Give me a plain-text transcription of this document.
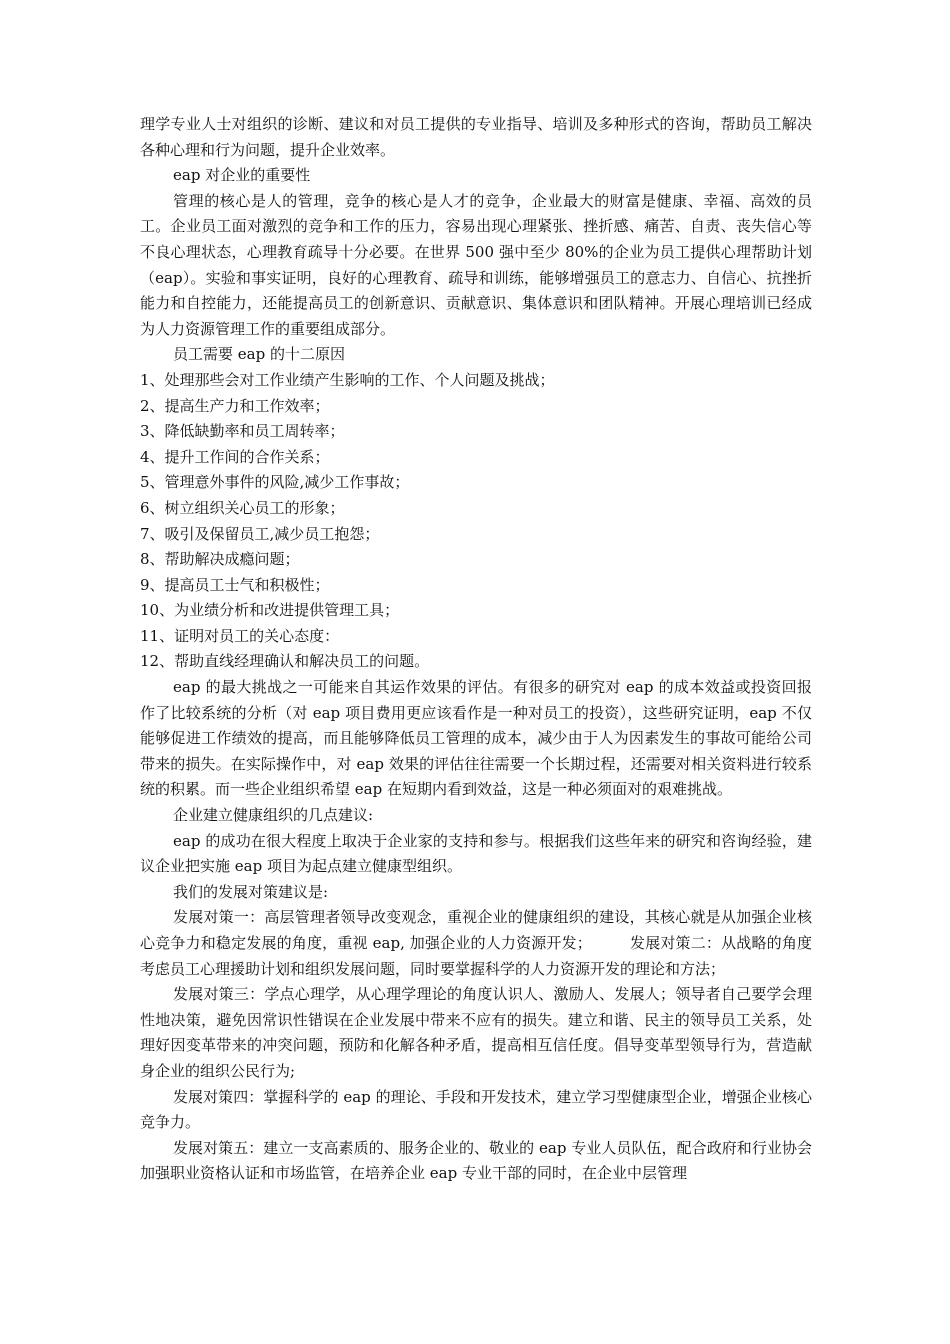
理学专业人士对组织的诊断、建议和对员工提供的专业指导、培训及多种形式的咨询，帮助员工解决各种心理和行为问题，提升企业效率。

eap 对企业的重要性

管理的核心是人的管理，竞争的核心是人才的竞争，企业最大的财富是健康、幸福、高效的员工。企业员工面对激烈的竞争和工作的压力，容易出现心理紧张、挫折感、痛苦、自责、丧失信心等不良心理状态，心理教育疏导十分必要。在世界 500 强中至少 80%的企业为员工提供心理帮助计划（eap）。实验和事实证明，良好的心理教育、疏导和训练，能够增强员工的意志力、自信心、抗挫折能力和自控能力，还能提高员工的创新意识、贡献意识、集体意识和团队精神。开展心理培训已经成为人力资源管理工作的重要组成部分。

员工需要 eap 的十二原因

1、处理那些会对工作业绩产生影响的工作、个人问题及挑战；

2、提高生产力和工作效率；

3、降低缺勤率和员工周转率；

4、提升工作间的合作关系；

5、管理意外事件的风险,减少工作事故；

6、树立组织关心员工的形象；

7、吸引及保留员工,减少员工抱怨；

8、帮助解决成瘾问题；

9、提高员工士气和积极性；

10、为业绩分析和改进提供管理工具；

11、证明对员工的关心态度：

12、帮助直线经理确认和解决员工的问题。

eap 的最大挑战之一可能来自其运作效果的评估。有很多的研究对 eap 的成本效益或投资回报作了比较系统的分析（对 eap 项目费用更应该看作是一种对员工的投资），这些研究证明，eap 不仅能够促进工作绩效的提高，而且能够降低员工管理的成本，减少由于人为因素发生的事故可能给公司带来的损失。在实际操作中，对 eap 效果的评估往往需要一个长期过程，还需要对相关资料进行较系统的积累。而一些企业组织希望 eap 在短期内看到效益，这是一种必须面对的艰难挑战。

企业建立健康组织的几点建议:

eap 的成功在很大程度上取决于企业家的支持和参与。根据我们这些年来的研究和咨询经验，建议企业把实施 eap 项目为起点建立健康型组织。

我们的发展对策建议是:

发展对策一：高层管理者领导改变观念，重视企业的健康组织的建设，其核心就是从加强企业核心竞争力和稳定发展的角度，重视 eap, 加强企业的人力资源开发；　　　发展对策二：从战略的角度考虑员工心理援助计划和组织发展问题，同时要掌握科学的人力资源开发的理论和方法；

发展对策三：学点心理学，从心理学理论的角度认识人、激励人、发展人；领导者自己要学会理性地决策，避免因常识性错误在企业发展中带来不应有的损失。建立和谐、民主的领导员工关系，处理好因变革带来的冲突问题，预防和化解各种矛盾，提高相互信任度。倡导变革型领导行为，营造献身企业的组织公民行为;

发展对策四：掌握科学的 eap 的理论、手段和开发技术，建立学习型健康型企业，增强企业核心竞争力。

发展对策五：建立一支高素质的、服务企业的、敬业的 eap 专业人员队伍，配合政府和行业协会加强职业资格认证和市场监管，在培养企业 eap 专业干部的同时，在企业中层管理
